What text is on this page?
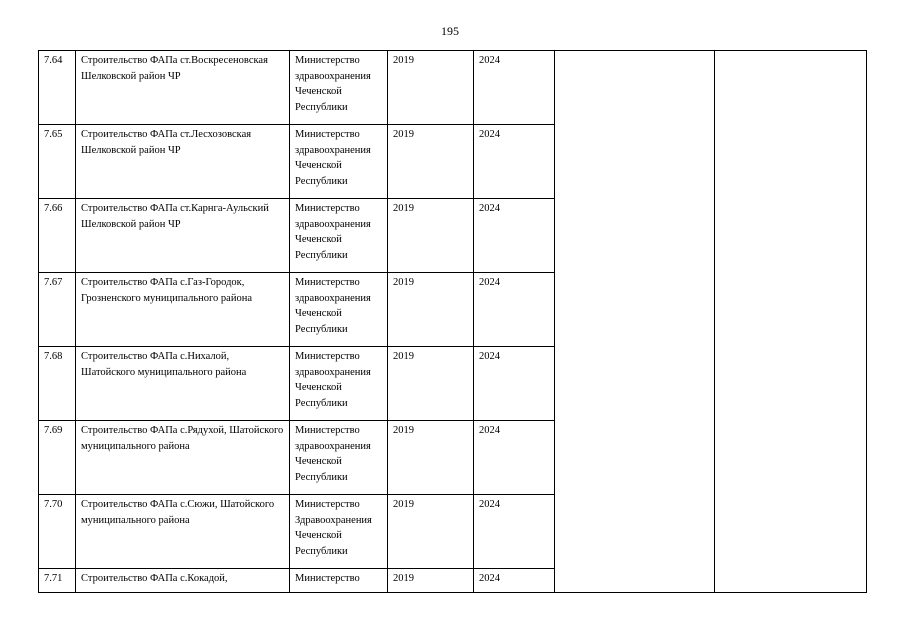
195
7.64	Строительство ФАПа ст.Воскресеновская Шелковской район ЧР	Министерство здравоохранения Чеченской Республики	2019	2024		
7.65	Строительство ФАПа ст.Лесхозовская Шелковской район ЧР	Министерство здравоохранения Чеченской Республики	2019	2024		
7.66	Строительство ФАПа ст.Карнга-Аульский Шелковской район ЧР	Министерство здравоохранения Чеченской Республики	2019	2024		
7.67	Строительство ФАПа с.Газ-Городок, Грозненского муниципального района	Министерство здравоохранения Чеченской Республики	2019	2024		
7.68	Строительство ФАПа с.Нихалой, Шатойского муниципального района	Министерство здравоохранения Чеченской Республики	2019	2024		
7.69	Строительство ФАПа с.Рядухой, Шатойского муниципального района	Министерство здравоохранения Чеченской Республики	2019	2024		
7.70	Строительство ФАПа с.Сюжи, Шатойского муниципального района	Министерство Здравоохранения Чеченской Республики	2019	2024		
7.71	Строительство ФАПа с.Кокадой,	Министерство	2019	2024		
